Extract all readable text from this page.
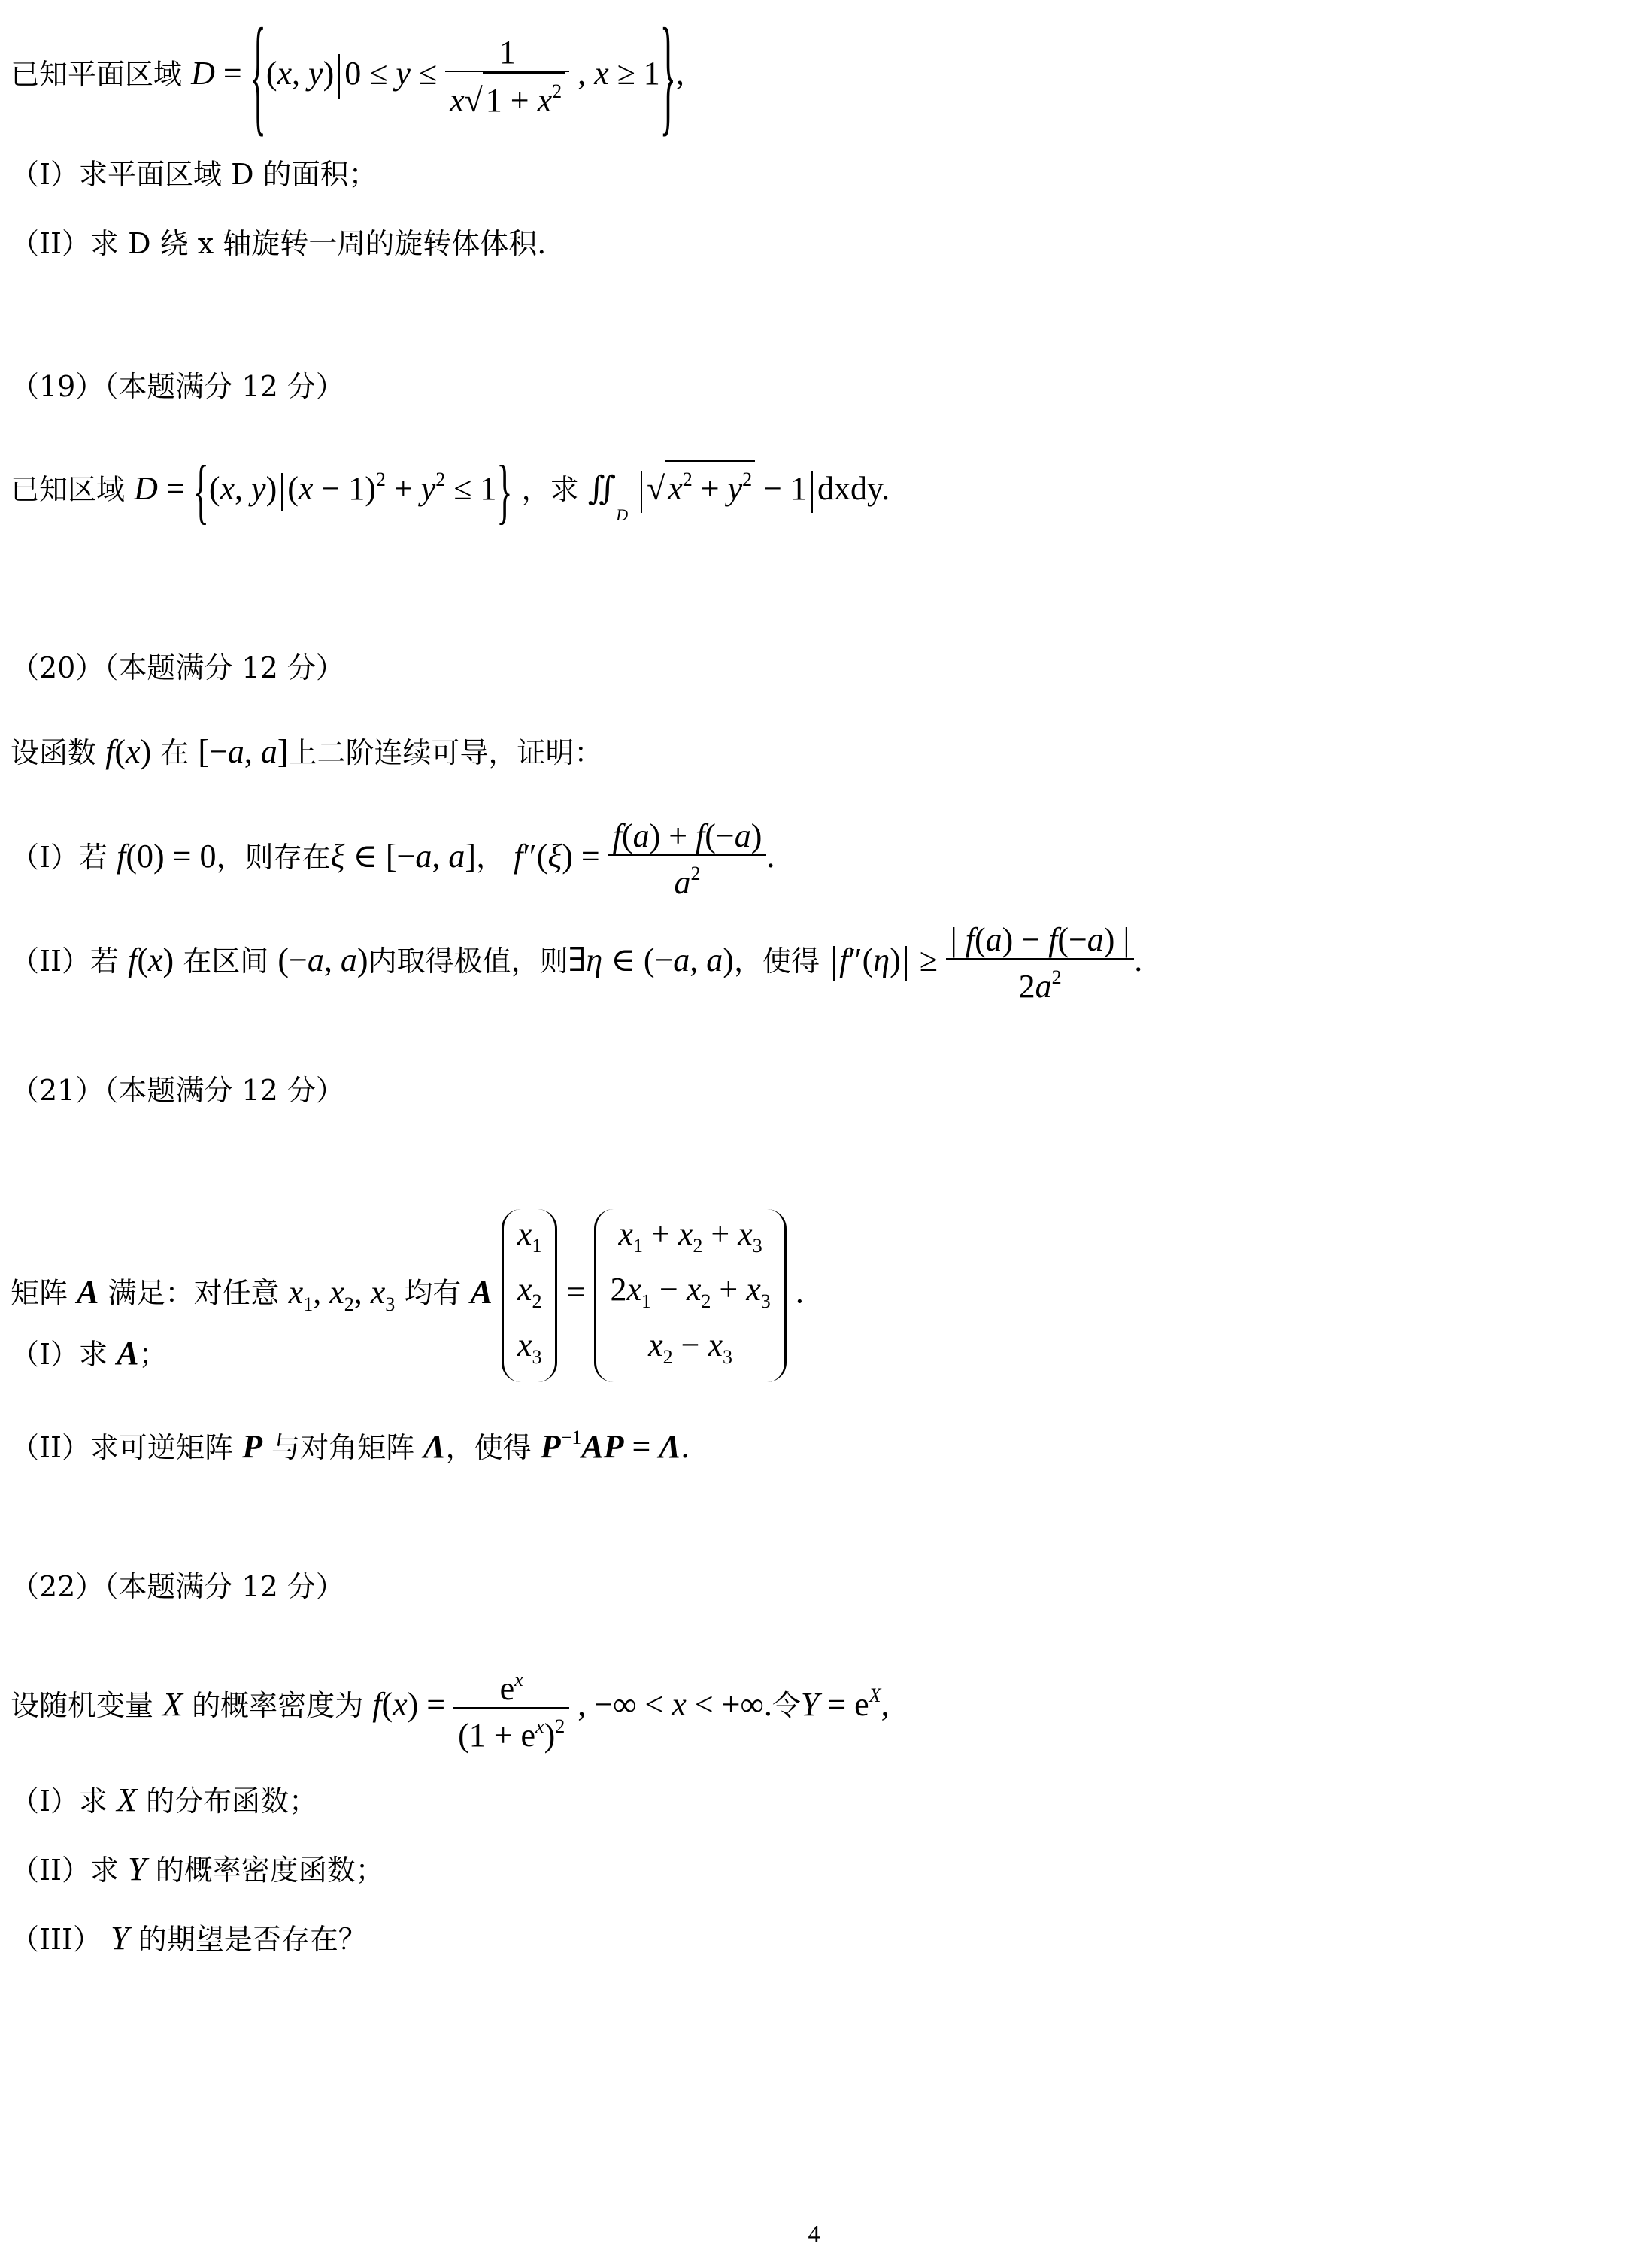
已知平面区域 D = {(x, y) $0 \le y \le \frac{1}{x√1 + x^2}$ , x ≥ 1},
（I）求平面区域 D 的面积；
（II）求 D 绕 x 轴旋转一周的旋转体体积.
（19）（本题满分 12 分）
已知区域 D = {(x, y) $(x - 1)^2 + y^2 \le 1$} ，求 $∬_D$ $√x^2 + y^2 - 1$ dxdy.
（20）（本题满分 12 分）
设函数 f(x) 在 [−a, a]上二阶连续可导，证明：
（I）若 f(0) = 0，则存在ξ ∈ [−a, a]， $f''(\xi) = \frac{f(a) + f(-a)}{a^2}$ .
（II）若 f(x) 在区间 (−a, a)内取得极值，则∃η ∈ (−a, a)，使得 $f''(\eta) \ge \frac{| f(a) - f(-a) |}{2a^2}$ .
（21）（本题满分 12 分）
矩阵 A 满足：对任意 $x_1$, $x_2$, $x_3$ 均有 A
$x_1$
$x_2$
$x_3$
=
$x_1 + x_2 + x_3$
$2x_1 - x_2 + x_3$
$x_2 - x_3$
.
（I）求 A；
（II）求可逆矩阵 P 与对角矩阵 Λ，使得 $P^{-1}AP = \Lambda$.
（22）（本题满分 12 分）
设随机变量 X 的概率密度为 $f(x) = \frac{e^x}{(1 + e^x)^2}$ , −∞ < x < +∞.令$Y = e^X$,
（I）求 X 的分布函数；
（II）求 Y 的概率密度函数；
（III） Y 的期望是否存在？
4
